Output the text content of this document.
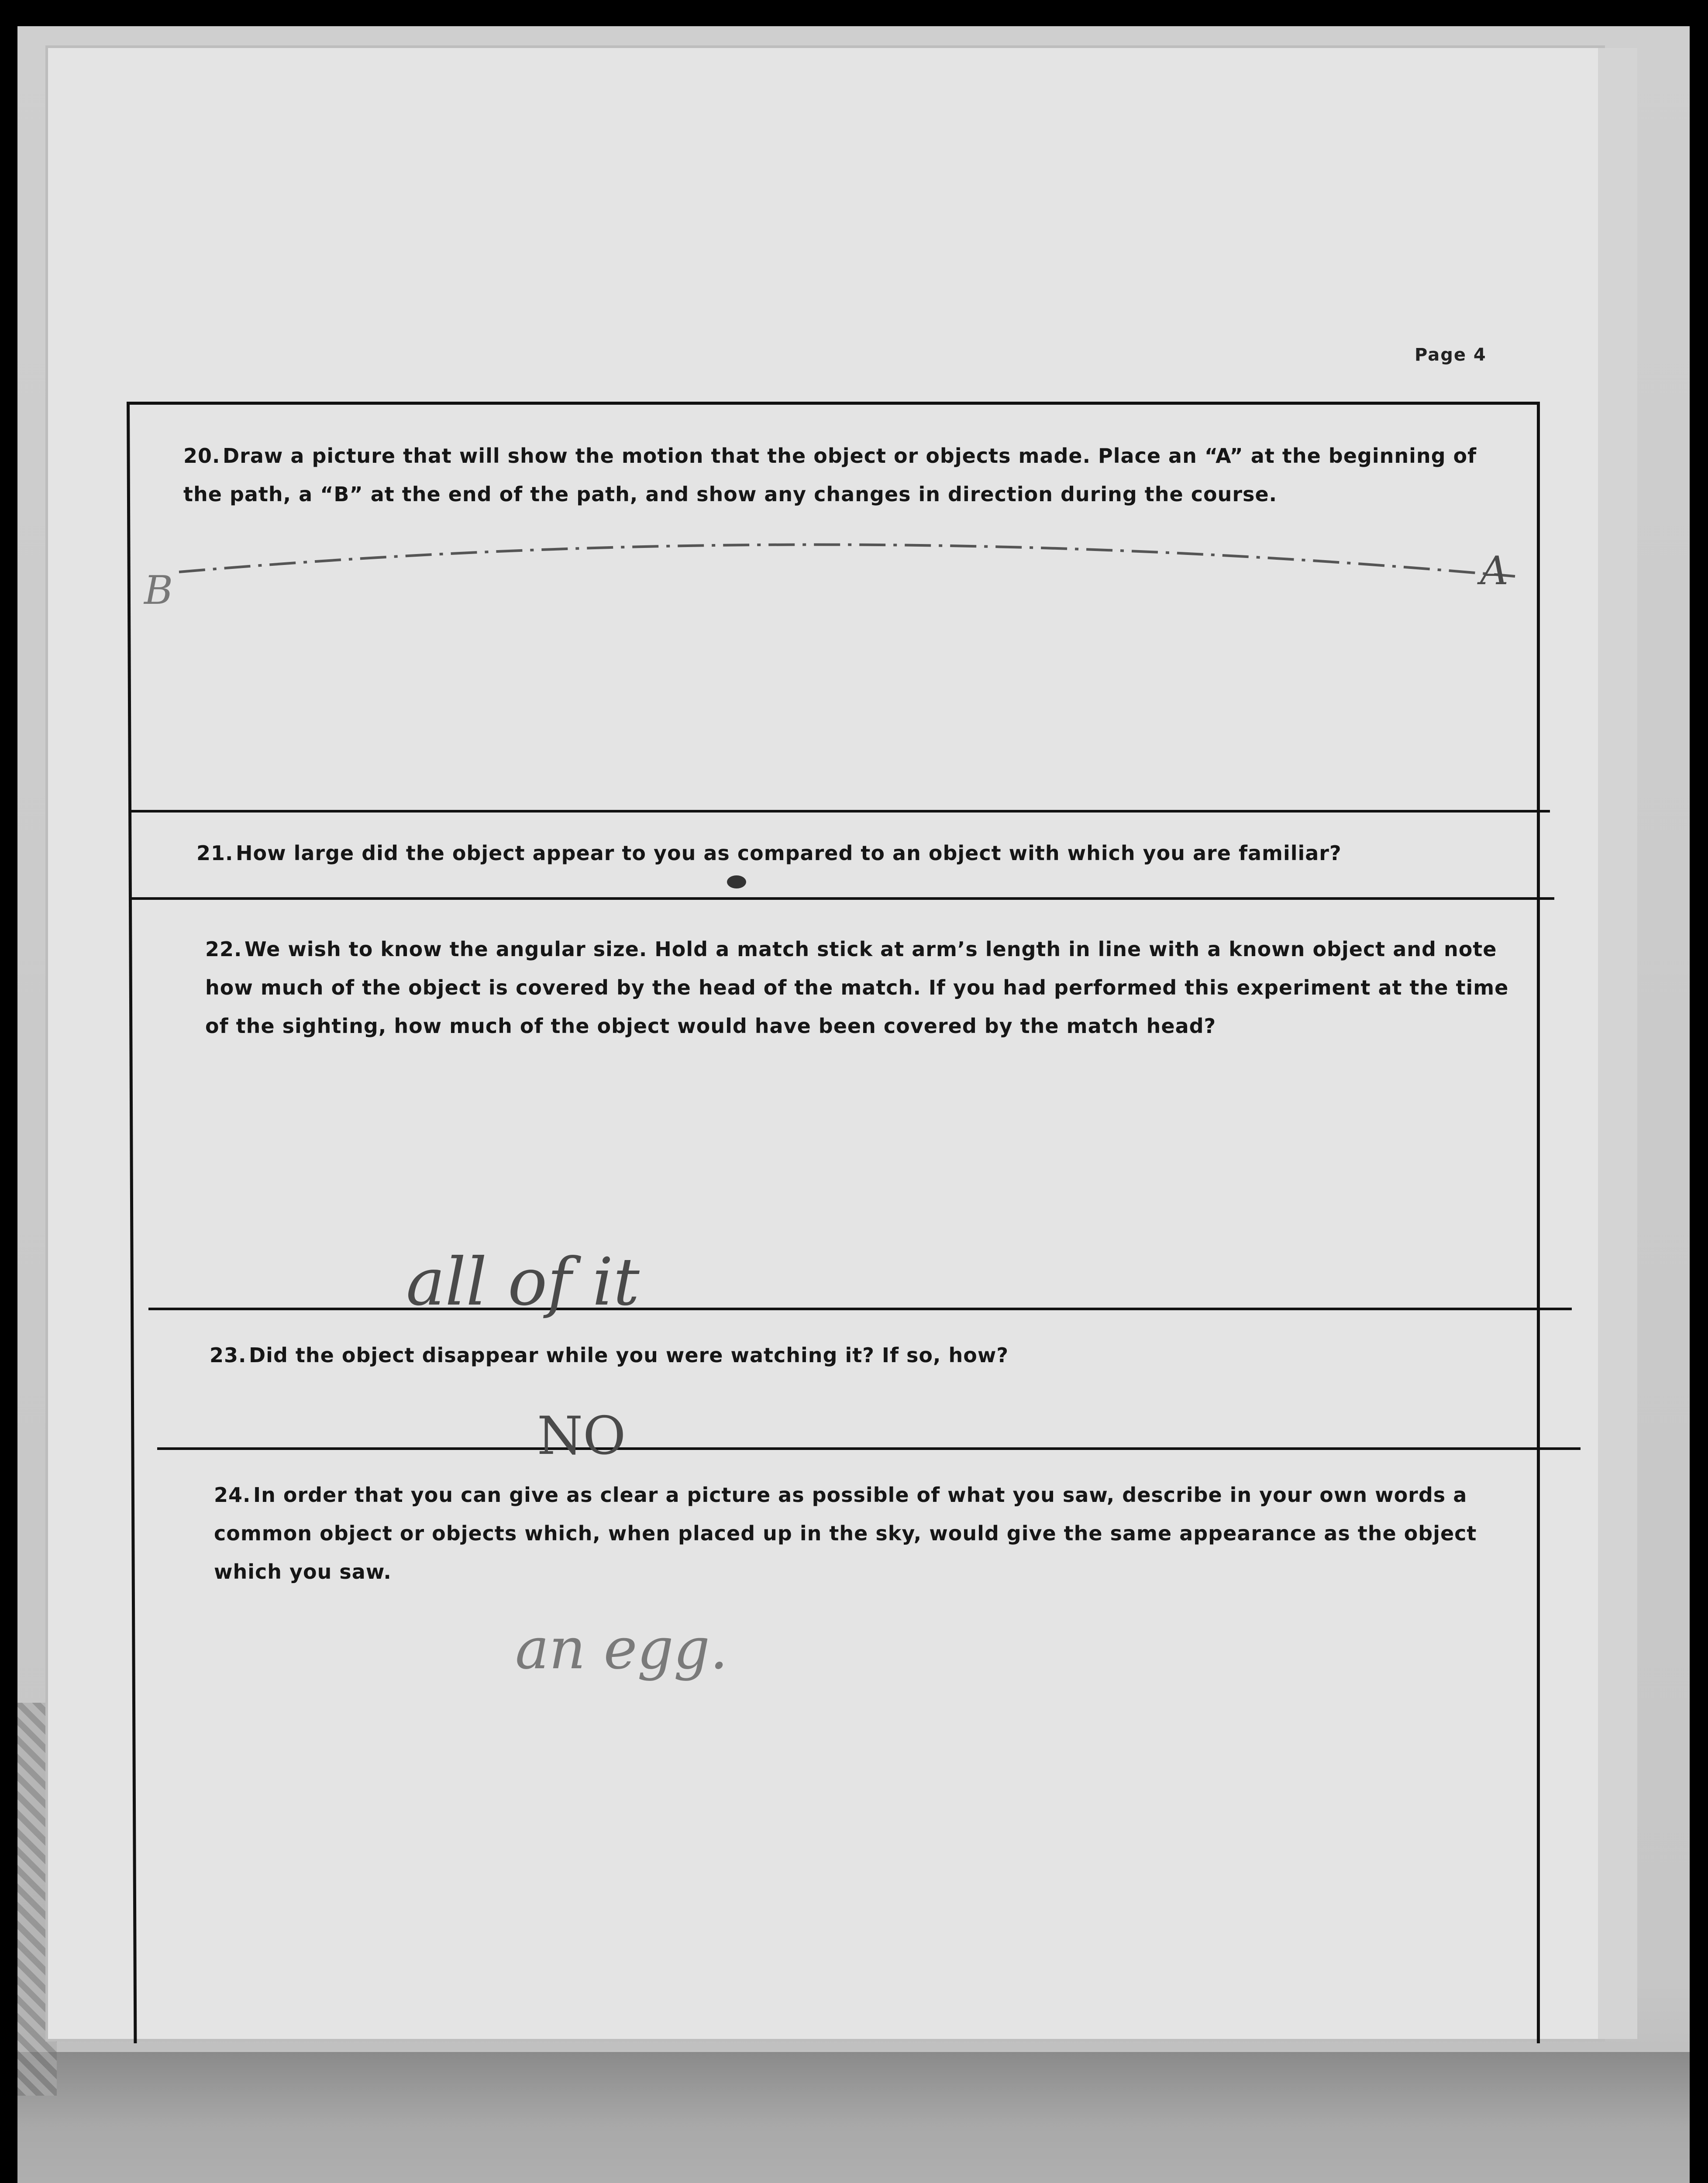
Page 4
20. Draw a picture that will show the motion that the object or objects made. Place an “A” at the beginning of the path, a “B” at the end of the path, and show any changes in direction during the course.
A
B
21. How large did the object appear to you as compared to an object with which you are familiar?
22. We wish to know the angular size. Hold a match stick at arm’s length in line with a known object and note how much of the object is covered by the head of the match. If you had performed this experiment at the time of the sighting, how much of the object would have been covered by the match head?
all of it
23. Did the object disappear while you were watching it? If so, how?
NO
24. In order that you can give as clear a picture as possible of what you saw, describe in your own words a common object or objects which, when placed up in the sky, would give the same appearance as the object which you saw.
an egg.
